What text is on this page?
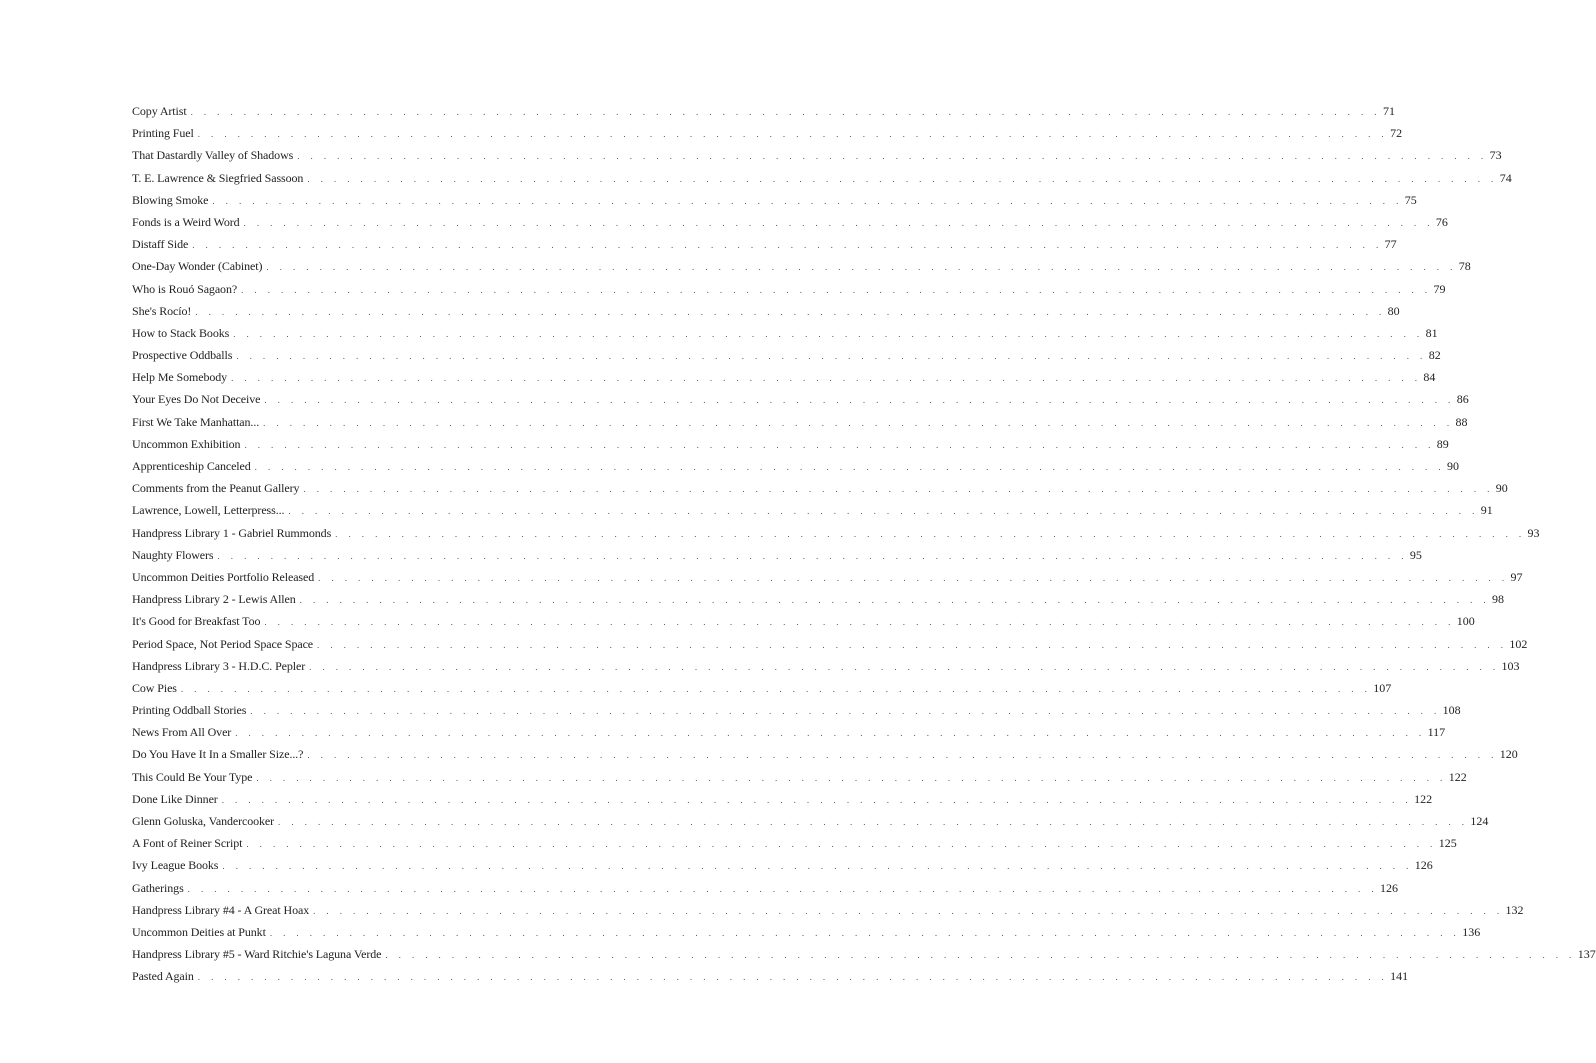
Copy Artist . . . . . . . . . . . . . . . . . . . . . . . . . . . . . . . . . . . . . . . . . . . . . . . . . . . . . . . . . . . . . . . . . . . . . . . . . . . . . . . . . . . . . . . . . . 71
Printing Fuel . . . . . . . . . . . . . . . . . . . . . . . . . . . . . . . . . . . . . . . . . . . . . . . . . . . . . . . . . . . . . . . . . . . . . . . . . . . . . . . . . . . . . . . . . . 72
That Dastardly Valley of Shadows . . . . . . . . . . . . . . . . . . . . . . . . . . . . . . . . . . . . . . . . . . . . . . . . . . . . . . . . . . . . . . . . . . . . . . . . . . . . . . . . . . . . . . . . . . 73
T. E. Lawrence & Siegfried Sassoon . . . . . . . . . . . . . . . . . . . . . . . . . . . . . . . . . . . . . . . . . . . . . . . . . . . . . . . . . . . . . . . . . . . . . . . . . . . . . . . . . . . . . . . . . . 74
Blowing Smoke . . . . . . . . . . . . . . . . . . . . . . . . . . . . . . . . . . . . . . . . . . . . . . . . . . . . . . . . . . . . . . . . . . . . . . . . . . . . . . . . . . . . . . . . . . 75
Fonds is a Weird Word . . . . . . . . . . . . . . . . . . . . . . . . . . . . . . . . . . . . . . . . . . . . . . . . . . . . . . . . . . . . . . . . . . . . . . . . . . . . . . . . . . . . . . . . . . 76
Distaff Side . . . . . . . . . . . . . . . . . . . . . . . . . . . . . . . . . . . . . . . . . . . . . . . . . . . . . . . . . . . . . . . . . . . . . . . . . . . . . . . . . . . . . . . . . . 77
One-Day Wonder (Cabinet) . . . . . . . . . . . . . . . . . . . . . . . . . . . . . . . . . . . . . . . . . . . . . . . . . . . . . . . . . . . . . . . . . . . . . . . . . . . . . . . . . . . . . . . . . . 78
Who is Rouó Sagaon? . . . . . . . . . . . . . . . . . . . . . . . . . . . . . . . . . . . . . . . . . . . . . . . . . . . . . . . . . . . . . . . . . . . . . . . . . . . . . . . . . . . . . . . . . . 79
She's Rocío! . . . . . . . . . . . . . . . . . . . . . . . . . . . . . . . . . . . . . . . . . . . . . . . . . . . . . . . . . . . . . . . . . . . . . . . . . . . . . . . . . . . . . . . . . . 80
How to Stack Books . . . . . . . . . . . . . . . . . . . . . . . . . . . . . . . . . . . . . . . . . . . . . . . . . . . . . . . . . . . . . . . . . . . . . . . . . . . . . . . . . . . . . . . . . . 81
Prospective Oddballs . . . . . . . . . . . . . . . . . . . . . . . . . . . . . . . . . . . . . . . . . . . . . . . . . . . . . . . . . . . . . . . . . . . . . . . . . . . . . . . . . . . . . . . . . . 82
Help Me Somebody . . . . . . . . . . . . . . . . . . . . . . . . . . . . . . . . . . . . . . . . . . . . . . . . . . . . . . . . . . . . . . . . . . . . . . . . . . . . . . . . . . . . . . . . . . 84
Your Eyes Do Not Deceive . . . . . . . . . . . . . . . . . . . . . . . . . . . . . . . . . . . . . . . . . . . . . . . . . . . . . . . . . . . . . . . . . . . . . . . . . . . . . . . . . . . . . . . . . . 86
First We Take Manhattan... . . . . . . . . . . . . . . . . . . . . . . . . . . . . . . . . . . . . . . . . . . . . . . . . . . . . . . . . . . . . . . . . . . . . . . . . . . . . . . . . . . . . . . . . . . 88
Uncommon Exhibition . . . . . . . . . . . . . . . . . . . . . . . . . . . . . . . . . . . . . . . . . . . . . . . . . . . . . . . . . . . . . . . . . . . . . . . . . . . . . . . . . . . . . . . . . . 89
Apprenticeship Canceled . . . . . . . . . . . . . . . . . . . . . . . . . . . . . . . . . . . . . . . . . . . . . . . . . . . . . . . . . . . . . . . . . . . . . . . . . . . . . . . . . . . . . . . . . . 90
Comments from the Peanut Gallery . . . . . . . . . . . . . . . . . . . . . . . . . . . . . . . . . . . . . . . . . . . . . . . . . . . . . . . . . . . . . . . . . . . . . . . . . . . . . . . . . . . . . . . . . . 90
Lawrence, Lowell, Letterpress... . . . . . . . . . . . . . . . . . . . . . . . . . . . . . . . . . . . . . . . . . . . . . . . . . . . . . . . . . . . . . . . . . . . . . . . . . . . . . . . . . . . . . . . . . . 91
Handpress Library 1 - Gabriel Rummonds . . . . . . . . . . . . . . . . . . . . . . . . . . . . . . . . . . . . . . . . . . . . . . . . . . . . . . . . . . . . . . . . . . . . . . . . . . . . . . . . . . . . . . . . . . 93
Naughty Flowers . . . . . . . . . . . . . . . . . . . . . . . . . . . . . . . . . . . . . . . . . . . . . . . . . . . . . . . . . . . . . . . . . . . . . . . . . . . . . . . . . . . . . . . . . . 95
Uncommon Deities Portfolio Released . . . . . . . . . . . . . . . . . . . . . . . . . . . . . . . . . . . . . . . . . . . . . . . . . . . . . . . . . . . . . . . . . . . . . . . . . . . . . . . . . . . . . . . . . . 97
Handpress Library 2 - Lewis Allen . . . . . . . . . . . . . . . . . . . . . . . . . . . . . . . . . . . . . . . . . . . . . . . . . . . . . . . . . . . . . . . . . . . . . . . . . . . . . . . . . . . . . . . . . . 98
It's Good for Breakfast Too . . . . . . . . . . . . . . . . . . . . . . . . . . . . . . . . . . . . . . . . . . . . . . . . . . . . . . . . . . . . . . . . . . . . . . . . . . . . . . . . . . . . . . . . . . 100
Period Space, Not Period Space Space . . . . . . . . . . . . . . . . . . . . . . . . . . . . . . . . . . . . . . . . . . . . . . . . . . . . . . . . . . . . . . . . . . . . . . . . . . . . . . . . . . . . . . . . . . 102
Handpress Library 3 - H.D.C. Pepler . . . . . . . . . . . . . . . . . . . . . . . . . . . . . . . . . . . . . . . . . . . . . . . . . . . . . . . . . . . . . . . . . . . . . . . . . . . . . . . . . . . . . . . . . . 103
Cow Pies . . . . . . . . . . . . . . . . . . . . . . . . . . . . . . . . . . . . . . . . . . . . . . . . . . . . . . . . . . . . . . . . . . . . . . . . . . . . . . . . . . . . . . . . . . 107
Printing Oddball Stories . . . . . . . . . . . . . . . . . . . . . . . . . . . . . . . . . . . . . . . . . . . . . . . . . . . . . . . . . . . . . . . . . . . . . . . . . . . . . . . . . . . . . . . . . . 108
News From All Over . . . . . . . . . . . . . . . . . . . . . . . . . . . . . . . . . . . . . . . . . . . . . . . . . . . . . . . . . . . . . . . . . . . . . . . . . . . . . . . . . . . . . . . . . . 117
Do You Have It In a Smaller Size...? . . . . . . . . . . . . . . . . . . . . . . . . . . . . . . . . . . . . . . . . . . . . . . . . . . . . . . . . . . . . . . . . . . . . . . . . . . . . . . . . . . . . . . . . . . 120
This Could Be Your Type . . . . . . . . . . . . . . . . . . . . . . . . . . . . . . . . . . . . . . . . . . . . . . . . . . . . . . . . . . . . . . . . . . . . . . . . . . . . . . . . . . . . . . . . . . 122
Done Like Dinner . . . . . . . . . . . . . . . . . . . . . . . . . . . . . . . . . . . . . . . . . . . . . . . . . . . . . . . . . . . . . . . . . . . . . . . . . . . . . . . . . . . . . . . . . . 122
Glenn Goluska, Vandercooker . . . . . . . . . . . . . . . . . . . . . . . . . . . . . . . . . . . . . . . . . . . . . . . . . . . . . . . . . . . . . . . . . . . . . . . . . . . . . . . . . . . . . . . . . . 124
A Font of Reiner Script . . . . . . . . . . . . . . . . . . . . . . . . . . . . . . . . . . . . . . . . . . . . . . . . . . . . . . . . . . . . . . . . . . . . . . . . . . . . . . . . . . . . . . . . . . 125
Ivy League Books . . . . . . . . . . . . . . . . . . . . . . . . . . . . . . . . . . . . . . . . . . . . . . . . . . . . . . . . . . . . . . . . . . . . . . . . . . . . . . . . . . . . . . . . . . 126
Gatherings . . . . . . . . . . . . . . . . . . . . . . . . . . . . . . . . . . . . . . . . . . . . . . . . . . . . . . . . . . . . . . . . . . . . . . . . . . . . . . . . . . . . . . . . . . 126
Handpress Library #4 - A Great Hoax . . . . . . . . . . . . . . . . . . . . . . . . . . . . . . . . . . . . . . . . . . . . . . . . . . . . . . . . . . . . . . . . . . . . . . . . . . . . . . . . . . . . . . . . . . 132
Uncommon Deities at Punkt . . . . . . . . . . . . . . . . . . . . . . . . . . . . . . . . . . . . . . . . . . . . . . . . . . . . . . . . . . . . . . . . . . . . . . . . . . . . . . . . . . . . . . . . . . 136
Handpress Library #5 - Ward Ritchie's Laguna Verde . . . . . . . . . . . . . . . . . . . . . . . . . . . . . . . . . . . . . . . . . . . . . . . . . . . . . . . . . . . . . . . . . . . . . . . . . . . . . . . . . . . . . . . . . . 137
Pasted Again . . . . . . . . . . . . . . . . . . . . . . . . . . . . . . . . . . . . . . . . . . . . . . . . . . . . . . . . . . . . . . . . . . . . . . . . . . . . . . . . . . . . . . . . . . 141
